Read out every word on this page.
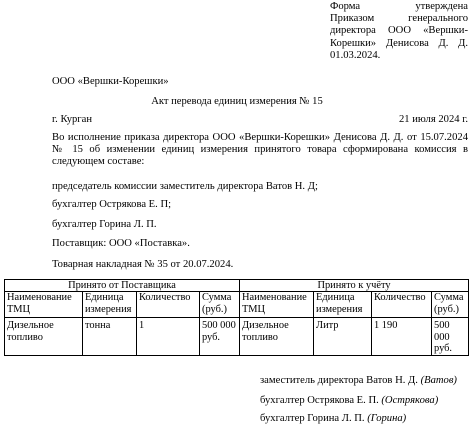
Форма утверждена
Приказом генерального
директора ООО «Вершки-
Корешки» Денисова Д. Д.
01.03.2024.
ООО «Вершки-Корешки»
Акт перевода единиц измерения № 15
г. Курган	21 июля 2024 г.
Во исполнение приказа директора ООО «Вершки-Корешки» Денисова Д. Д. от 15.07.2024
№ 15 об изменении единиц измерения принятого товара сформирована комиссия в
следующем составе:
председатель комиссии заместитель директора Ватов Н. Д;
бухгалтер Острякова Е. П;
бухгалтер Горина Л. П.
Поставщик: ООО «Поставка».
Товарная накладная № 35 от 20.07.2024.
Принято от Поставщика				Принято к учёту			
Наименование ТМЦ	Единица измерения	Количество	Сумма (руб.)	Наименование ТМЦ	Единица измерения	Количество	Сумма (руб.)
Дизельное топливо	тонна	1	500 000 руб.	Дизельное топливо	Литр	1 190	500 000 руб.
заместитель директора Ватов Н. Д. (Ватов)
бухгалтер Острякова Е. П. (Острякова)
бухгалтер Горина Л. П. (Горина)
